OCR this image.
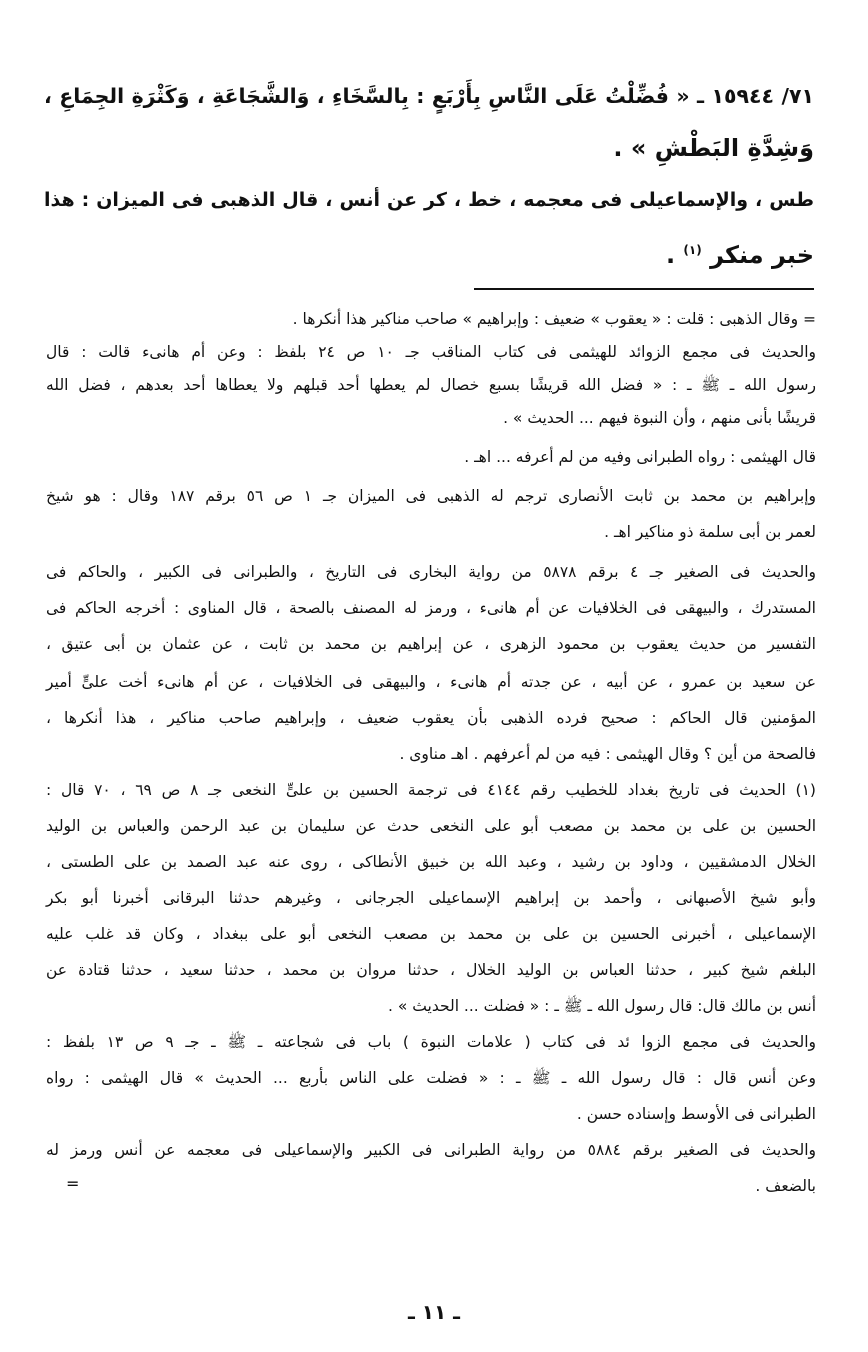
٧١/ ١٥٩٤٤ ـ « فُضِّلْتُ عَلَى النَّاسِ بِأَرْبَعٍ : بِالسَّخَاءِ ، وَالشَّجَاعَةِ ، وَكَثْرَةِ الجِمَاعِ ،
وَشِدَّةِ البَطْشِ » .
طس ، والإسماعيلى فى معجمه ، خط ، كر عن أنس ، قال الذهبى فى الميزان : هذا
خبر منكر $^{(١)}$ .
= وقال الذهبى : قلت : « يعقوب » ضعيف : وإبراهيم » صاحب مناكير هذا أنكرها .
والحديث فى مجمع الزوائد للهيثمى فى كتاب المناقب جـ ١٠ ص ٢٤ بلفظ : وعن أم هانىء قالت : قال
رسول الله ـ ﷺ ـ : « فضل الله قريشًا بسبع خصال لم يعطها أحد قبلهم ولا يعطاها أحد بعدهم ، فضل الله
قريشًا بأنى منهم ، وأن النبوة فيهم ... الحديث » .
قال الهيثمى : رواه الطبرانى وفيه من لم أعرفه ... اهـ .
وإبراهيم بن محمد بن ثابت الأنصارى ترجم له الذهبى فى الميزان جـ ١ ص ٥٦ برقم ١٨٧ وقال : هو شيخ
لعمر بن أبى سلمة ذو مناكير اهـ .
والحديث فى الصغير جـ ٤ برقم ٥٨٧٨ من رواية البخارى فى التاريخ ، والطبرانى فى الكبير ، والحاكم فى
المستدرك ، والبيهقى فى الخلافيات عن أم هانىء ، ورمز له المصنف بالصحة ، قال المناوى : أخرجه الحاكم فى
التفسير من حديث يعقوب بن محمود الزهرى ، عن إبراهيم بن محمد بن ثابت ، عن عثمان بن أبى عتيق ،
عن سعيد بن عمرو ، عن أبيه ، عن جدته أم هانىء ، والبيهقى فى الخلافيات ، عن أم هانىء أخت علىٍّ أمير
المؤمنين قال الحاكم : صحيح فرده الذهبى بأن يعقوب ضعيف ، وإبراهيم صاحب مناكير ، هذا أنكرها ،
فالصحة من أين ؟ وقال الهيثمى : فيه من لم أعرفهم . اهـ مناوى .
(١) الحديث فى تاريخ بغداد للخطيب رقم ٤١٤٤ فى ترجمة الحسين بن علىٍّ النخعى جـ ٨ ص ٦٩ ، ٧٠ قال :
الحسين بن على بن محمد بن مصعب أبو على النخعى حدث عن سليمان بن عبد الرحمن والعباس بن الوليد
الخلال الدمشقيين ، وداود بن رشيد ، وعبد الله بن خبيق الأنطاكى ، روى عنه عبد الصمد بن على الطستى ،
وأبو شيخ الأصبهانى ، وأحمد بن إبراهيم الإسماعيلى الجرجانى ، وغيرهم حدثنا البرقانى أخبرنا أبو بكر
الإسماعيلى ، أخبرنى الحسين بن على بن محمد بن مصعب النخعى أبو على ببغداد ، وكان قد غلب عليه
البلغم شيخ كبير ، حدثنا العباس بن الوليد الخلال ، حدثنا مروان بن محمد ، حدثنا سعيد ، حدثنا قتادة عن
أنس بن مالك قال: قال رسول الله ـ ﷺ ـ : « فضلت ... الحديث » .
والحديث فى مجمع الزوا ئد فى كتاب ( علامات النبوة ) باب فى شجاعته ـ ﷺ ـ جـ ٩ ص ١٣ بلفظ :
وعن أنس قال : قال رسول الله ـ ﷺ ـ : « فضلت على الناس بأربع ... الحديث » قال الهيثمى : رواه
الطبرانى فى الأوسط وإسناده حسن .
والحديث فى الصغير برقم ٥٨٨٤ من رواية الطبرانى فى الكبير والإسماعيلى فى معجمه عن أنس ورمز له
بالضعف .
=
ـ ١١ ـ
